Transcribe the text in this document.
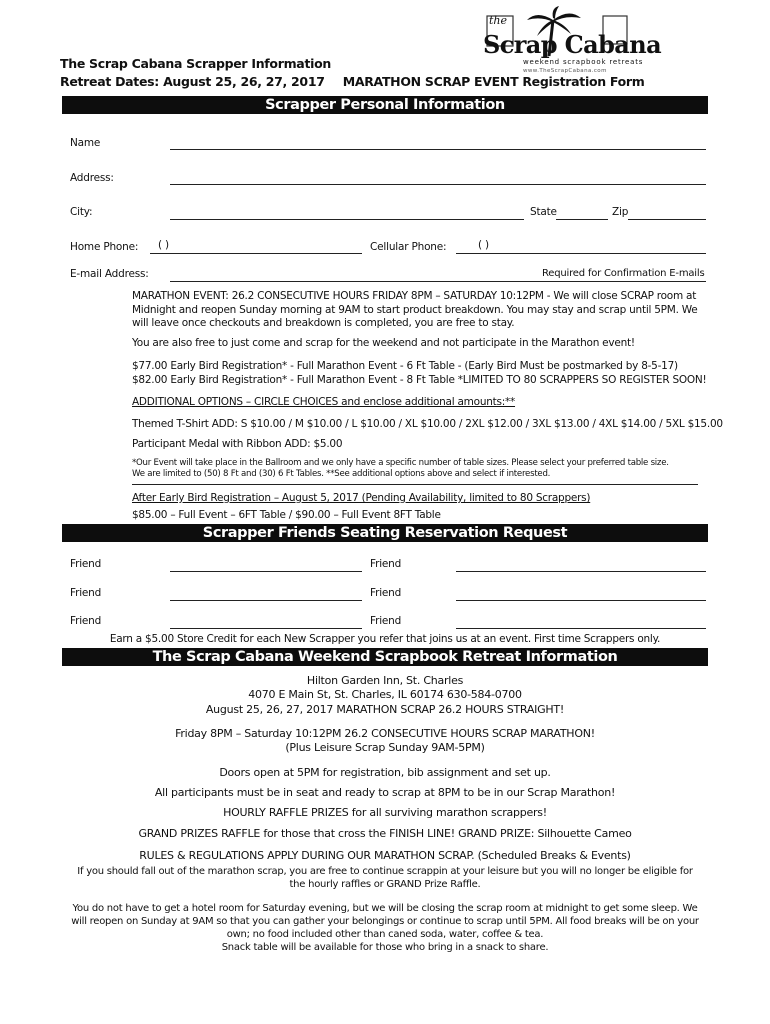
the
Scrap Cabana
weekend scrapbook retreats
www.TheScrapCabana.com
The Scrap Cabana Scrapper Information
Retreat Dates: August 25, 26, 27, 2017 MARATHON SCRAP EVENT Registration Form
Scrapper Personal Information
Name
Address:
City:	State	Zip
Home Phone: ( )	Cellular Phone:	( )
E-mail Address:	Required for Confirmation E-mails
MARATHON EVENT: 26.2 CONSECUTIVE HOURS FRIDAY 8PM – SATURDAY 10:12PM - We will close SCRAP room at Midnight and reopen Sunday morning at 9AM to start product breakdown. You may stay and scrap until 5PM. We will leave once checkouts and breakdown is completed, you are free to stay.
You are also free to just come and scrap for the weekend and not participate in the Marathon event!
$77.00 Early Bird Registration* - Full Marathon Event - 6 Ft Table - (Early Bird Must be postmarked by 8-5-17)
$82.00 Early Bird Registration* - Full Marathon Event - 8 Ft Table *LIMITED TO 80 SCRAPPERS SO REGISTER SOON!
ADDITIONAL OPTIONS – CIRCLE CHOICES and enclose additional amounts:**
Themed T-Shirt ADD: S $10.00 / M $10.00 / L $10.00 / XL $10.00 / 2XL $12.00 / 3XL $13.00 / 4XL $14.00 / 5XL $15.00
Participant Medal with Ribbon ADD: $5.00
*Our Event will take place in the Ballroom and we only have a specific number of table sizes. Please select your preferred table size.
We are limited to (50) 8 Ft and (30) 6 Ft Tables. **See additional options above and select if interested.
After Early Bird Registration – August 5, 2017 (Pending Availability, limited to 80 Scrappers)
$85.00 – Full Event – 6FT Table / $90.00 – Full Event 8FT Table
Scrapper Friends Seating Reservation Request
Friend	Friend
Friend	Friend
Friend	Friend
Earn a $5.00 Store Credit for each New Scrapper you refer that joins us at an event. First time Scrappers only.
The Scrap Cabana Weekend Scrapbook Retreat Information
Hilton Garden Inn, St. Charles
4070 E Main St, St. Charles, IL 60174 630-584-0700
August 25, 26, 27, 2017 MARATHON SCRAP 26.2 HOURS STRAIGHT!
Friday 8PM – Saturday 10:12PM 26.2 CONSECUTIVE HOURS SCRAP MARATHON!
(Plus Leisure Scrap Sunday 9AM-5PM)
Doors open at 5PM for registration, bib assignment and set up.
All participants must be in seat and ready to scrap at 8PM to be in our Scrap Marathon!
HOURLY RAFFLE PRIZES for all surviving marathon scrappers!
GRAND PRIZES RAFFLE for those that cross the FINISH LINE! GRAND PRIZE: Silhouette Cameo
RULES & REGULATIONS APPLY DURING OUR MARATHON SCRAP. (Scheduled Breaks & Events)
If you should fall out of the marathon scrap, you are free to continue scrappin at your leisure but you will no longer be eligible for the hourly raffles or GRAND Prize Raffle.
You do not have to get a hotel room for Saturday evening, but we will be closing the scrap room at midnight to get some sleep. We will reopen on Sunday at 9AM so that you can gather your belongings or continue to scrap until 5PM. All food breaks will be on your own; no food included other than caned soda, water, coffee & tea.
Snack table will be available for those who bring in a snack to share.
